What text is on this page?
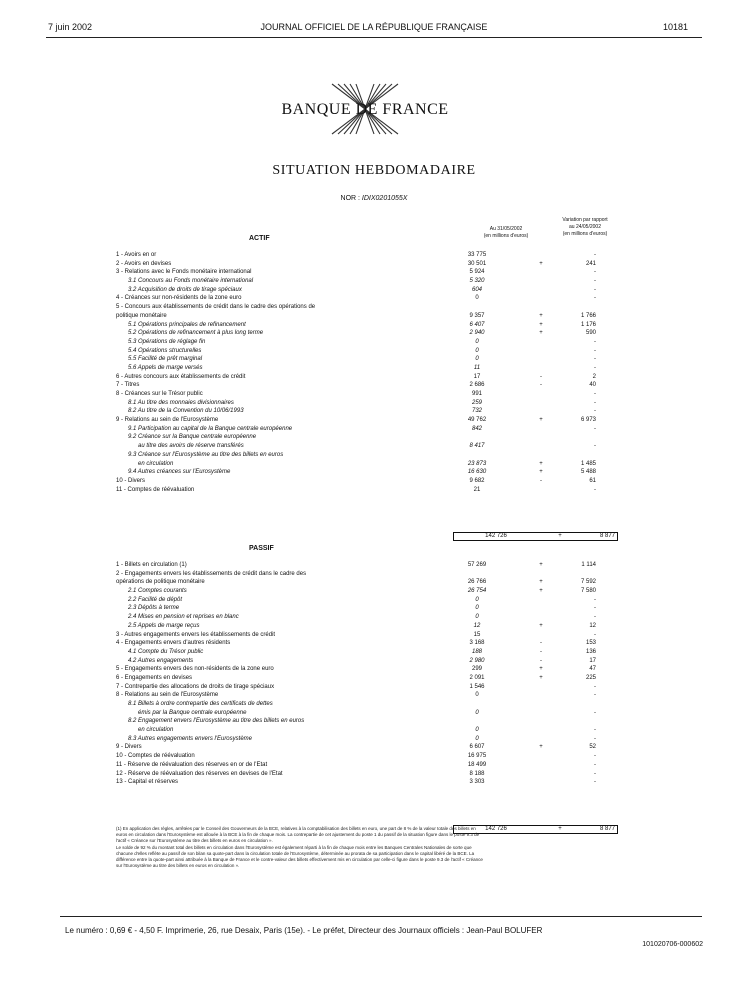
7 juin 2002	JOURNAL OFFICIEL DE LA RÉPUBLIQUE FRANÇAISE	10181
BANQUE DE FRANCE
SITUATION HEBDOMADAIRE
NOR : IDIX0201055X
Au 31/05/2002
(en millions d'euros)
Variation par rapport
au 24/05/2002
(en millions d'euros)
ACTIF
1 - Avoirs en or	33 775	-
2 - Avoirs en devises	30 501	+	241
3 - Relations avec le Fonds monétaire international	5 924	-
3.1 Concours au Fonds monétaire international	5 320	-
3.2 Acquisition de droits de tirage spéciaux	604	-
4 - Créances sur non-résidents de la zone euro	0	-
5 - Concours aux établissements de crédit dans le cadre des opérations de
politique monétaire	9 357	+	1 766
5.1 Opérations principales de refinancement	6 407	+	1 176
5.2 Opérations de refinancement à plus long terme	2 940	+	590
5.3 Opérations de réglage fin	0	-
5.4 Opérations structurelles	0	-
5.5 Facilité de prêt marginal	0	-
5.6 Appels de marge versés	11	-
6 - Autres concours aux établissements de crédit	17	-	2
7 - Titres	2 686	-	40
8 - Créances sur le Trésor public	991	-
8.1 Au titre des monnaies divisionnaires	259	-
8.2 Au titre de la Convention du 10/06/1993	732	-
9 - Relations au sein de l'Eurosystème	49 762	+	6 973
9.1 Participation au capital de la Banque centrale européenne	842	-
9.2 Créance sur la Banque centrale européenne
au titre des avoirs de réserve transférés	8 417	-
9.3 Créance sur l'Eurosystème au titre des billets en euros
en circulation	23 873	+	1 485
9.4 Autres créances sur l'Eurosystème	16 630	+	5 488
10 - Divers	9 682	-	61
11 - Comptes de réévaluation	21	-
142 726	+	8 877
PASSIF
1 - Billets en circulation (1)	57 269	+	1 114
2 - Engagements envers les établissements de crédit dans le cadre des
opérations de politique monétaire	26 766	+	7 592
2.1 Comptes courants	26 754	+	7 580
2.2 Facilité de dépôt	0	-
2.3 Dépôts à terme	0	-
2.4 Mises en pension et reprises en blanc	0	-
2.5 Appels de marge reçus	12	+	12
3 - Autres engagements envers les établissements de crédit	15	-
4 - Engagements envers d'autres résidents	3 168	-	153
4.1 Compte du Trésor public	188	-	136
4.2 Autres engagements	2 980	-	17
5 - Engagements envers des non-résidents de la zone euro	299	+	47
6 - Engagements en devises	2 091	+	225
7 - Contrepartie des allocations de droits de tirage spéciaux	1 546	-
8 - Relations au sein de l'Eurosystème	0	-
8.1 Billets à ordre contrepartie des certificats de dettes
émis par la Banque centrale européenne	0	-
8.2 Engagement envers l'Eurosystème au titre des billets en euros
en circulation	0	-
8.3 Autres engagements envers l'Eurosystème	0	-
9 - Divers	6 607	+	52
10 - Comptes de réévaluation	16 975	-
11 - Réserve de réévaluation des réserves en or de l'Etat	18 499	-
12 - Réserve de réévaluation des réserves en devises de l'Etat	8 188	-
13 - Capital et réserves	3 303	-
142 726	+	8 877

(1) En application des règles, arrêtées par le Conseil des Gouverneurs de la BCE, relatives à la comptabilisation des billets en euro, une part de 8 % de la valeur totale des billets en euros en circulation dans l'Eurosystème est allouée à la BCE à la fin de chaque mois. La contrepartie de cet ajustement du poste 1 du passif de la situation figure dans le poste 9.3 de l'actif « Créance sur l'Eurosystème au titre des billets en euros en circulation ».

Le solde de 92 % du montant total des billets en circulation dans l'Eurosystème est également réparti à la fin de chaque mois entre les Banques Centrales Nationales de sorte que chacune d'elles reflète au passif de son bilan sa quote-part dans la circulation totale de l'Eurosystème, déterminée au prorata de sa participation dans le capital libéré de la BCE. La différence entre la quote-part ainsi attribuée à la Banque de France et le contre-valeur des billets effectivement mis en circulation par celle-ci figure dans le poste 9.3 de l'actif « Créance sur l'Eurosystème au titre des billets en euros en circulation ».

Le numéro : 0,69 € - 4,50 F. Imprimerie, 26, rue Desaix, Paris (15e). - Le préfet, Directeur des Journaux officiels : Jean-Paul BOLUFER
101020706-000602
